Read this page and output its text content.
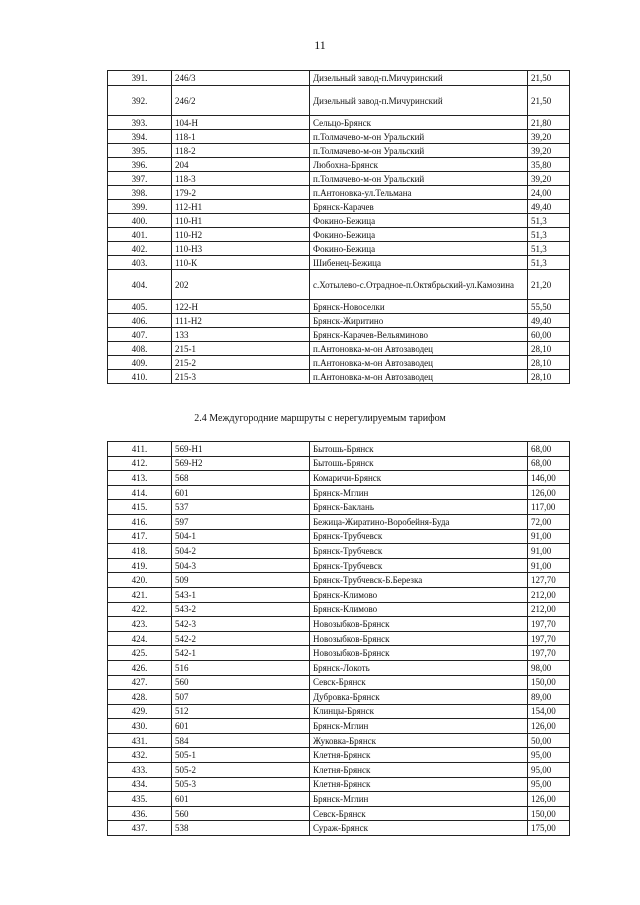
11
391.	246/3	Дизельный завод-п.Мичуринский	21,50
392.	246/2	Дизельный завод-п.Мичуринский	21,50
393.	104-Н	Сельцо-Брянск	21,80
394.	118-1	п.Толмачево-м-он Уральский	39,20
395.	118-2	п.Толмачево-м-он Уральский	39,20
396.	204	Любохна-Брянск	35,80
397.	118-3	п.Толмачево-м-он Уральский	39,20
398.	179-2	п.Антоновка-ул.Тельмана	24,00
399.	112-Н1	Брянск-Карачев	49,40
400.	110-Н1	Фокино-Бежица	51,3
401.	110-Н2	Фокино-Бежица	51,3
402.	110-Н3	Фокино-Бежица	51,3
403.	110-К	Шибенец-Бежица	51,3
404.	202	с.Хотылево-с.Отрадное-п.Октябрьский-ул.Камозина	21,20
405.	122-Н	Брянск-Новоселки	55,50
406.	111-Н2	Брянск-Жиритино	49,40
407.	133	Брянск-Карачев-Вельяминово	60,00
408.	215-1	п.Антоновка-м-он Автозаводец	28,10
409.	215-2	п.Антоновка-м-он Автозаводец	28,10
410.	215-3	п.Антоновка-м-он Автозаводец	28,10
2.4 Междугородние маршруты с нерегулируемым тарифом
411.	569-Н1	Бытошь-Брянск	68,00
412.	569-Н2	Бытошь-Брянск	68,00
413.	568	Комаричи-Брянск	146,00
414.	601	Брянск-Мглин	126,00
415.	537	Брянск-Баклань	117,00
416.	597	Бежица-Жиратино-Воробейня-Буда	72,00
417.	504-1	Брянск-Трубчевск	91,00
418.	504-2	Брянск-Трубчевск	91,00
419.	504-3	Брянск-Трубчевск	91,00
420.	509	Брянск-Трубчевск-Б.Березка	127,70
421.	543-1	Брянск-Климово	212,00
422.	543-2	Брянск-Климово	212,00
423.	542-3	Новозыбков-Брянск	197,70
424.	542-2	Новозыбков-Брянск	197,70
425.	542-1	Новозыбков-Брянск	197,70
426.	516	Брянск-Локоть	98,00
427.	560	Севск-Брянск	150,00
428.	507	Дубровка-Брянск	89,00
429.	512	Клинцы-Брянск	154,00
430.	601	Брянск-Мглин	126,00
431.	584	Жуковка-Брянск	50,00
432.	505-1	Клетня-Брянск	95,00
433.	505-2	Клетня-Брянск	95,00
434.	505-3	Клетня-Брянск	95,00
435.	601	Брянск-Мглин	126,00
436.	560	Севск-Брянск	150,00
437.	538	Сураж-Брянск	175,00
